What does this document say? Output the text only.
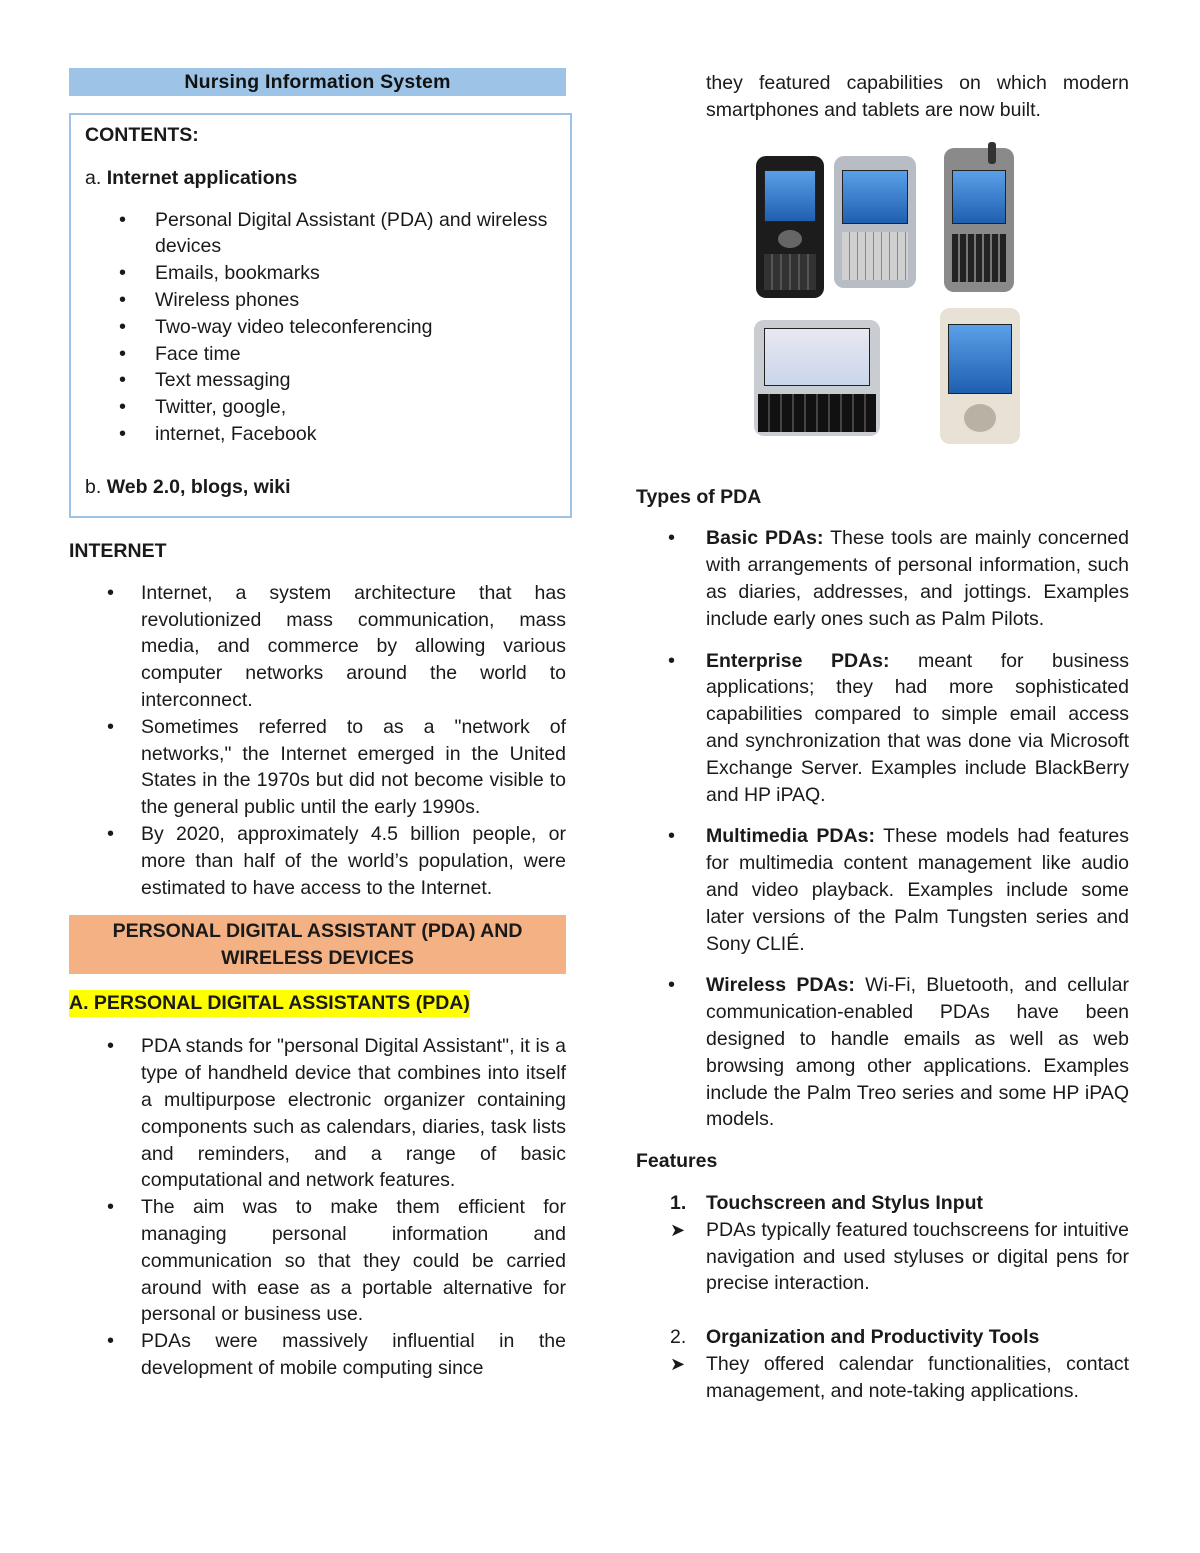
Nursing Information System
CONTENTS:
a. Internet applications
• Personal Digital Assistant (PDA) and wireless devices
• Emails, bookmarks
• Wireless phones
• Two-way video teleconferencing
• Face time
• Text messaging
• Twitter, google,
• internet, Facebook
b. Web 2.0, blogs, wiki
INTERNET
• Internet, a system architecture that has revolutionized mass communication, mass media, and commerce by allowing various computer networks around the world to interconnect.
• Sometimes referred to as a "network of networks," the Internet emerged in the United States in the 1970s but did not become visible to the general public until the early 1990s.
• By 2020, approximately 4.5 billion people, or more than half of the world’s population, were estimated to have access to the Internet.
PERSONAL DIGITAL ASSISTANT (PDA) AND WIRELESS DEVICES
A. PERSONAL DIGITAL ASSISTANTS (PDA)
• PDA stands for "personal Digital Assistant", it is a type of handheld device that combines into itself a multipurpose electronic organizer containing components such as calendars, diaries, task lists and reminders, and a range of basic computational and network features.
• The aim was to make them efficient for managing personal information and communication so that they could be carried around with ease as a portable alternative for personal or business use.
• PDAs were massively influential in the development of mobile computing since
they featured capabilities on which modern smartphones and tablets are now built.
Types of PDA
• Basic PDAs: These tools are mainly concerned with arrangements of personal information, such as diaries, addresses, and jottings. Examples include early ones such as Palm Pilots.
• Enterprise PDAs: meant for business applications; they had more sophisticated capabilities compared to simple email access and synchronization that was done via Microsoft Exchange Server. Examples include BlackBerry and HP iPAQ.
• Multimedia PDAs: These models had features for multimedia content management like audio and video playback. Examples include some later versions of the Palm Tungsten series and Sony CLIÉ.
• Wireless PDAs: Wi-Fi, Bluetooth, and cellular communication-enabled PDAs have been designed to handle emails as well as web browsing among other applications. Examples include the Palm Treo series and some HP iPAQ models.
Features
1.	Touchscreen and Stylus Input
➤	PDAs typically featured touchscreens for intuitive navigation and used styluses or digital pens for precise interaction.
2.	Organization and Productivity Tools
➤	They offered calendar functionalities, contact management, and note-taking applications.
